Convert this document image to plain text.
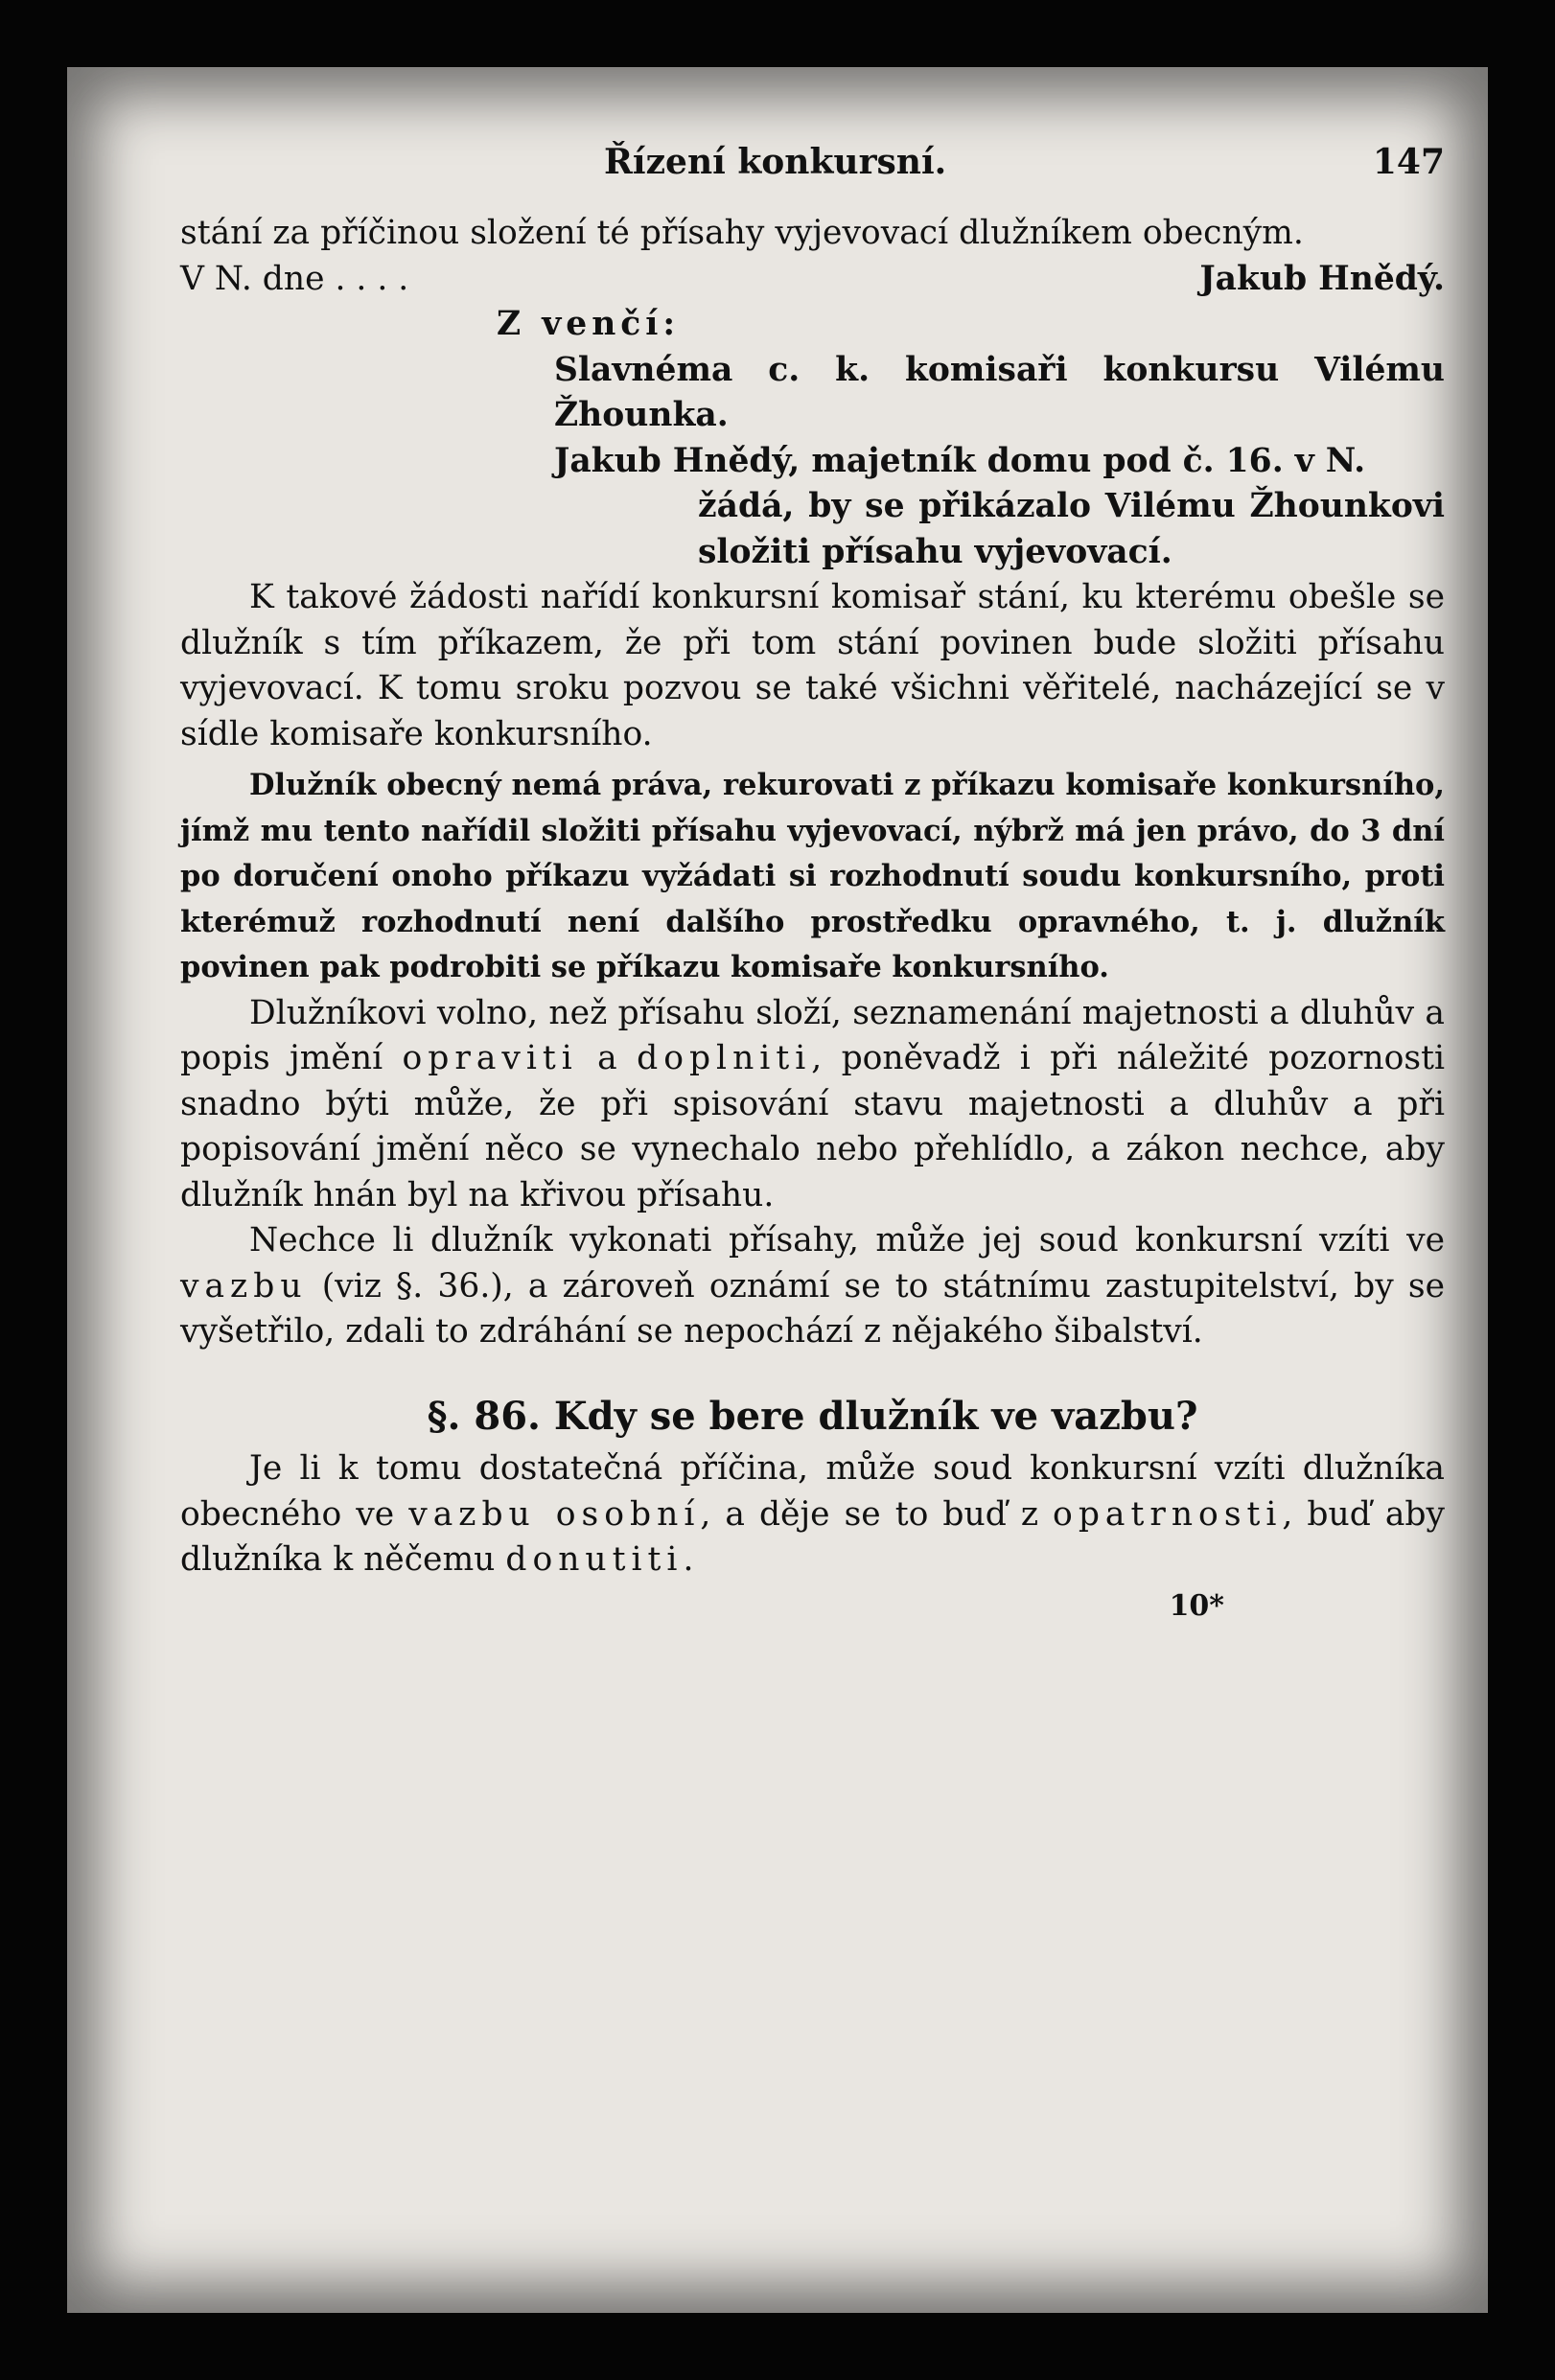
Řízení konkursní.	147

stání za příčinou složení té přísahy vyjevovací dlužníkem obecným.

V N. dne . . . .	Jakub Hnědý.

Z venčí:

Slavnéma c. k. komisaři konkursu Vilému Žhounka.

Jakub Hnědý, majetník domu pod č. 16. v N.

žádá, by se přikázalo Vilému Žhounkovi složiti přísahu vyjevovací.

K takové žádosti nařídí konkursní komisař stání, ku kterému obešle se dlužník s tím příkazem, že při tom stání povinen bude složiti přísahu vyjevovací. K tomu sroku pozvou se také všichni věřitelé, nacházející se v sídle komisaře konkursního.

Dlužník obecný nemá práva, rekurovati z příkazu komisaře konkursního, jímž mu tento nařídil složiti přísahu vyjevovací, nýbrž má jen právo, do 3 dní po doručení onoho příkazu vyžádati si rozhodnutí soudu konkursního, proti kterémuž rozhodnutí není dalšího prostředku opravného, t. j. dlužník povinen pak podrobiti se příkazu komisaře konkursního.

Dlužníkovi volno, než přísahu složí, seznamenání majetnosti a dluhův a popis jmění opraviti a doplniti, poněvadž i při náležité pozornosti snadno býti může, že při spisování stavu majetnosti a dluhův a při popisování jmění něco se vynechalo nebo přehlídlo, a zákon nechce, aby dlužník hnán byl na křivou přísahu.

Nechce li dlužník vykonati přísahy, může jej soud konkursní vzíti ve vazbu (viz §. 36.), a zároveň oznámí se to státnímu zastupitelství, by se vyšetřilo, zdali to zdráhání se nepochází z nějakého šibalství.

§. 86. Kdy se bere dlužník ve vazbu?

Je li k tomu dostatečná příčina, může soud konkursní vzíti dlužníka obecného ve vazbu osobní, a děje se to buď z opatrnosti, buď aby dlužníka k něčemu donutiti.

10*
